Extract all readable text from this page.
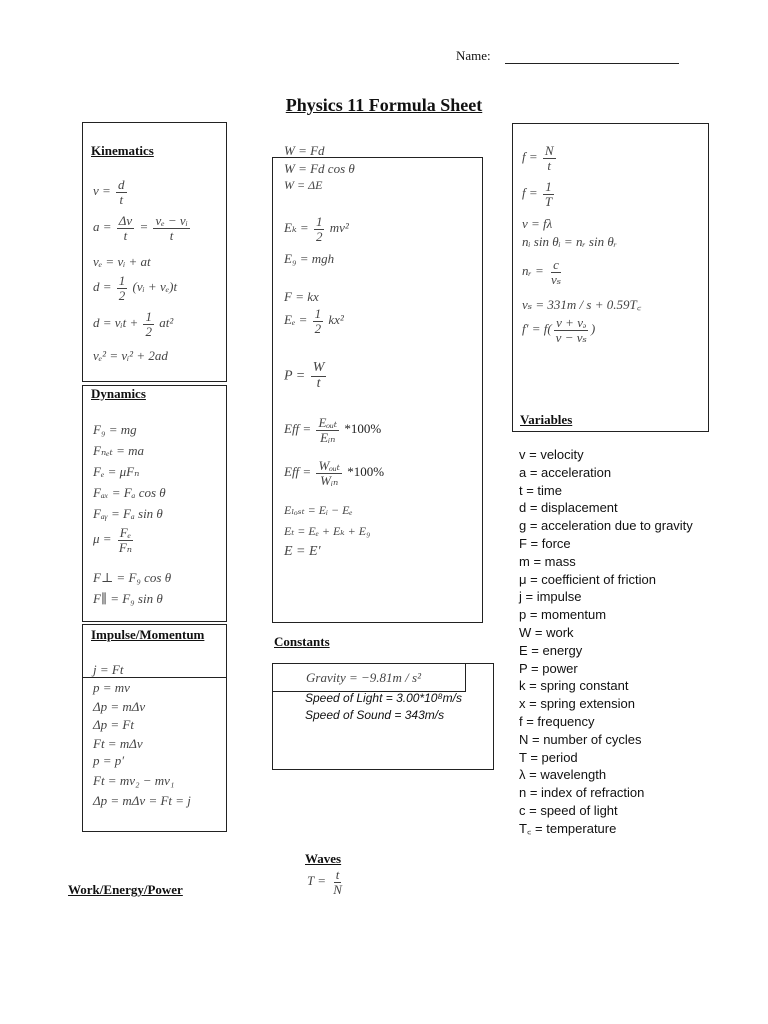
Name:
Physics 11 Formula Sheet
Kinematics
$v = \frac{d}{t}$
$a = \frac{\Delta v}{t} = \frac{\text{vₑ − vᵢ}}{t}$
vₑ = vᵢ + at
$d = \frac{1}{2}$ (vᵢ + vₑ)t
d = vᵢt + $\frac{1}{2} at^2$
vₑ² = vᵢ² + 2ad
Dynamics
F₉ = mg
Fₙₑₜ = ma
Fₑ = μFₙ
Fₐₓ = Fₐ cos θ
Fₐᵧ = Fₐ sin θ
$\mu = \frac{\text{Fₑ}}{\text{Fₙ}}$
F⊥ = F₉ cos θ
F∥ = F₉ sin θ
Impulse/Momentum
j = Ft
p = mv
Δp = mΔv
Δp = Ft
Ft = mΔv
p = p′
Ft = mv₂ − mv₁
Δp = mΔv = Ft = j
W = Fd
W = Fd cos θ
W = ΔE
$E_k = \frac{1}{2} mv^2$
E₉ = mgh
F = kx
$E_e = \frac{1}{2} kx^2$
$P = \frac{W}{t}$
Eff = $\frac{\text{Eₒᵤₜ}}{\text{Eᵢₙ}} *100\%$
Eff = $\frac{\text{Wₒᵤₜ}}{\text{Wᵢₙ}} *100\%$
Eₗₒₛₜ = Eᵢ − Eₑ
Eₜ = Eₑ + Eₖ + E₉
E = E′
Constants
Gravity = −9.81m / s²
Speed of Light = 3.00*10⁸m/s
Speed of Sound = 343m/s
Waves
$T = \frac{t}{N}$
Work/Energy/Power
$f = \frac{N}{t}$
$f = \frac{1}{T}$
v = fλ
nᵢ sin θᵢ = nᵣ sin θᵣ
nᵣ = $\frac{c}{\text{vₛ}}$
vₛ = 331m / s + 0.59T꜀
$f' = f( \frac{\text{v + vₔ}}{\text{v − vₛ}}$ )
Variables
v = velocity
a = acceleration
t = time
d = displacement
g = acceleration due to gravity
F = force
m = mass
μ = coefficient of friction
j = impulse
p = momentum
W = work
E = energy
P = power
k = spring constant
x = spring extension
f = frequency
N = number of cycles
T = period
λ = wavelength
n = index of refraction
c = speed of light
T꜀ = temperature
